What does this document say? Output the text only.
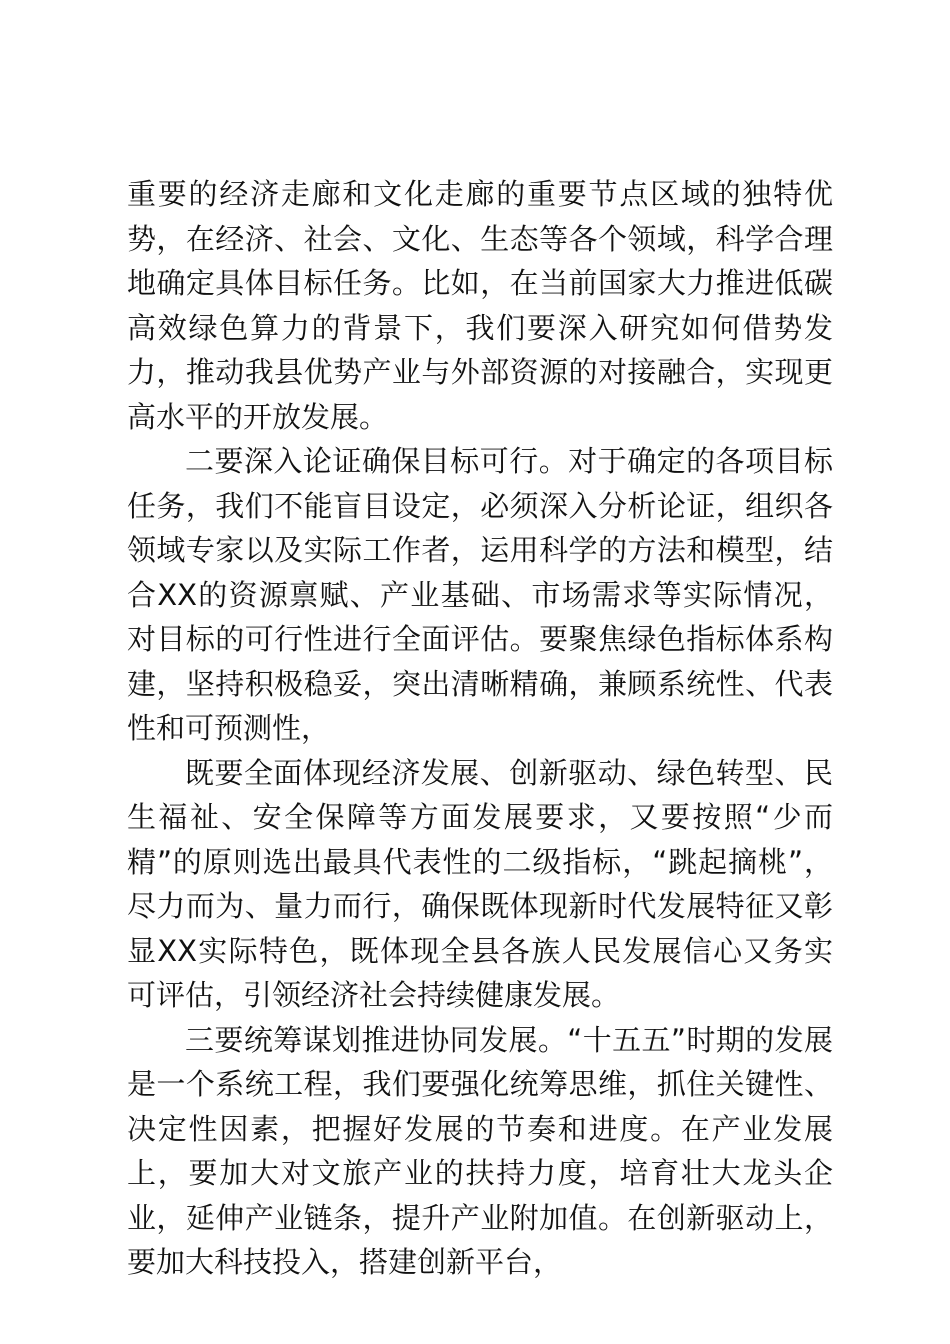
重要的经济走廊和文化走廊的重要节点区域的独特优势，在经济、社会、文化、生态等各个领域，科学合理地确定具体目标任务。比如，在当前国家大力推进低碳高效绿色算力的背景下，我们要深入研究如何借势发力，推动我县优势产业与外部资源的对接融合，实现更高水平的开放发展。

二要深入论证确保目标可行。对于确定的各项目标任务，我们不能盲目设定，必须深入分析论证，组织各领域专家以及实际工作者，运用科学的方法和模型，结合XX的资源禀赋、产业基础、市场需求等实际情况，对目标的可行性进行全面评估。要聚焦绿色指标体系构建，坚持积极稳妥，突出清晰精确，兼顾系统性、代表性和可预测性，

既要全面体现经济发展、创新驱动、绿色转型、民生福祉、安全保障等方面发展要求，又要按照“少而精”的原则选出最具代表性的二级指标，“跳起摘桃”，尽力而为、量力而行，确保既体现新时代发展特征又彰显XX实际特色，既体现全县各族人民发展信心又务实可评估，引领经济社会持续健康发展。

三要统筹谋划推进协同发展。“十五五”时期的发展是一个系统工程，我们要强化统筹思维，抓住关键性、决定性因素，把握好发展的节奏和进度。在产业发展上，要加大对文旅产业的扶持力度，培育壮大龙头企业，延伸产业链条，提升产业附加值。在创新驱动上，要加大科技投入，搭建创新平台，
